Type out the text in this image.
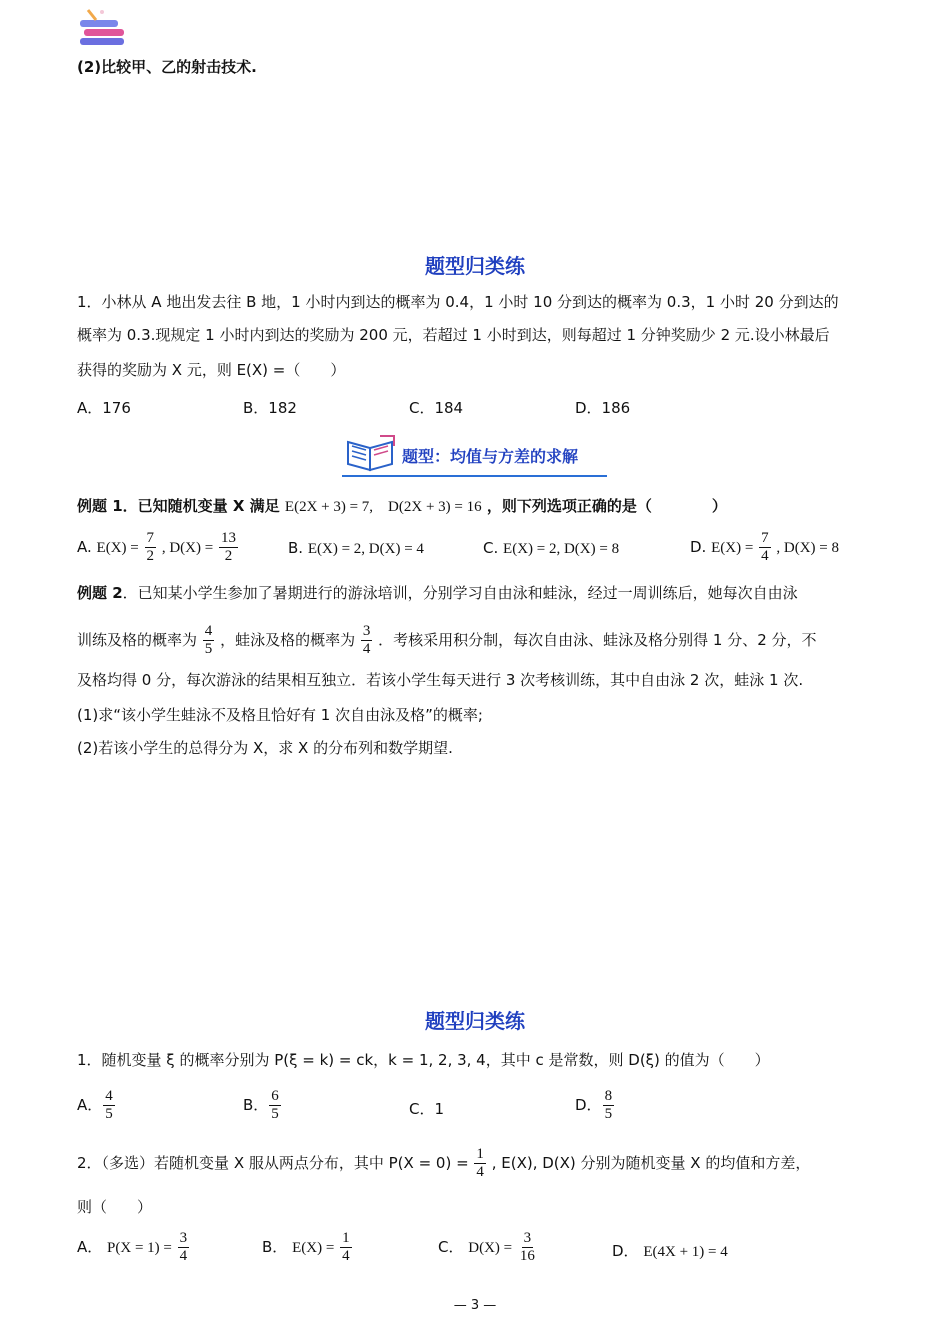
(2)比较甲、乙的射击技术.
题型归类练
1．小林从 A 地出发去往 B 地，1 小时内到达的概率为 0.4，1 小时 10 分到达的概率为 0.3，1 小时 20 分到达的
概率为 0.3.现规定 1 小时内到达的奖励为 200 元，若超过 1 小时到达，则每超过 1 分钟奖励少 2 元.设小林最后
获得的奖励为 X 元，则 E(X) =（　　）
A．176	B．182	C．184	D．186
题型：均值与方差的求解
例题 1．已知随机变量 X 满足 E(2X + 3) = 7,　D(2X + 3) = 16 ，则下列选项正确的是（　　　　）
A. $E(X) = \frac{7}{2}$ , $D(X) = \frac{13}{2}$	B. E(X) = 2, D(X) = 4	C. E(X) = 2, D(X) = 8	D. $E(X) = \frac{7}{4}$ , D(X) = 8
例题 2．已知某小学生参加了暑期进行的游泳培训，分别学习自由泳和蛙泳，经过一周训练后，她每次自由泳
训练及格的概率为 $\frac{4}{5}$ ，蛙泳及格的概率为 $\frac{3}{4}$ ．考核采用积分制，每次自由泳、蛙泳及格分别得 1 分、2 分，不
及格均得 0 分，每次游泳的结果相互独立．若该小学生每天进行 3 次考核训练，其中自由泳 2 次，蛙泳 1 次.
(1)求“该小学生蛙泳不及格且恰好有 1 次自由泳及格”的概率;
(2)若该小学生的总得分为 X，求 X 的分布列和数学期望.
题型归类练
1．随机变量 ξ 的概率分别为 P(ξ = k) = ck，k = 1, 2, 3, 4，其中 c 是常数，则 D(ξ) 的值为（　　）
A． $\frac{4}{5}$	B． $\frac{6}{5}$	C．1	D． $\frac{8}{5}$
2．（多选）若随机变量 X 服从两点分布，其中 $P(X = 0) = \frac{1}{4}$ , E(X), D(X) 分别为随机变量 X 的均值和方差，
则（　　）
A． $P(X = 1) = \frac{3}{4}$	B． $E(X) = \frac{1}{4}$	C． $D(X) = \frac{3}{16}$	D． E(4X + 1) = 4
— 3 —
